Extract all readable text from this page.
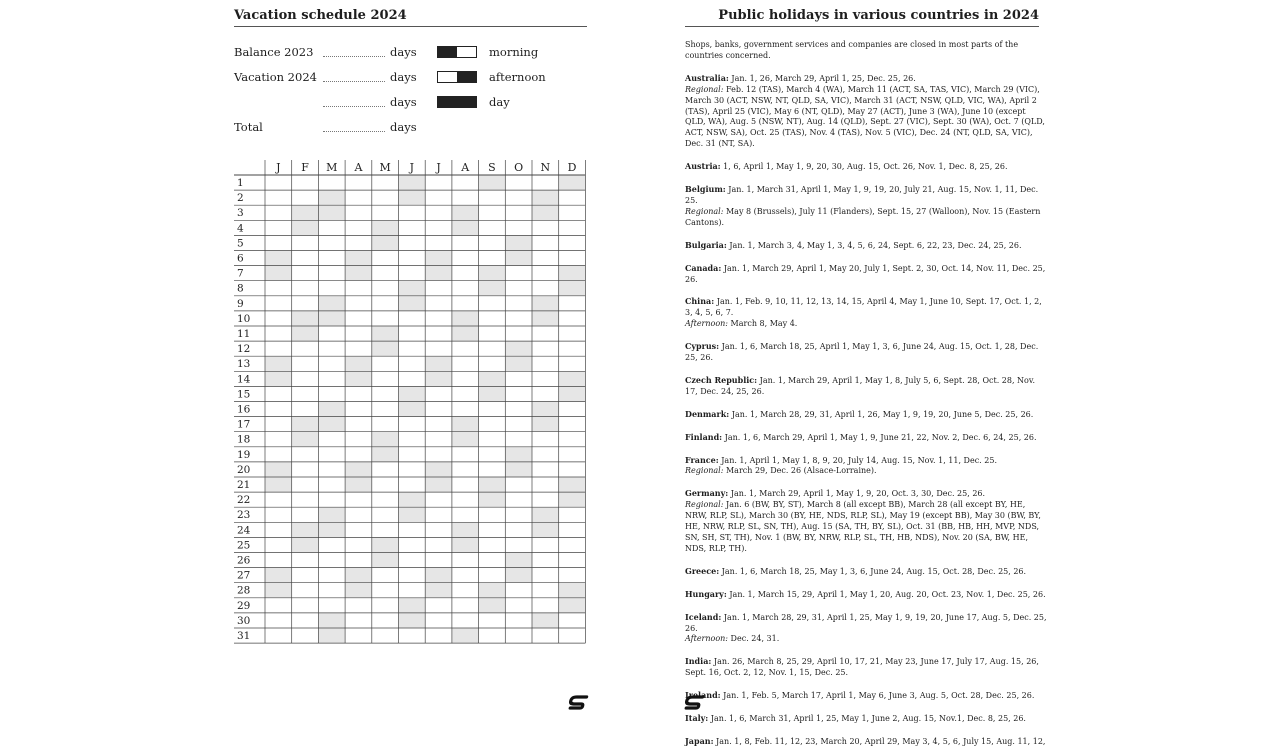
Vacation schedule 2024
Balance 2023	days
Vacation 2024	days
days
Total	days
morning
afternoon
day
J F M A M J J A S O N D
1
2
3
4
5
6
7
8
9
10
11
12
13
14
15
16
17
18
19
20
21
22
23
24
25
26
27
28
29
30
31
Public holidays in various countries in 2024

Shops, banks, government services and companies are closed in most parts of the countries concerned.

Australia: Jan. 1, 26, March 29, April 1, 25, Dec. 25, 26.
Regional: Feb. 12 (TAS), March 4 (WA), March 11 (ACT, SA, TAS, VIC), March 29 (VIC), March 30 (ACT, NSW, NT, QLD, SA, VIC), March 31 (ACT, NSW, QLD, VIC, WA), April 2 (TAS), April 25 (VIC), May 6 (NT, QLD), May 27 (ACT), June 3 (WA), June 10 (except QLD, WA), Aug. 5 (NSW, NT), Aug. 14 (QLD), Sept. 27 (VIC), Sept. 30 (WA), Oct. 7 (QLD, ACT, NSW, SA), Oct. 25 (TAS), Nov. 4 (TAS), Nov. 5 (VIC), Dec. 24 (NT, QLD, SA, VIC), Dec. 31 (NT, SA).

Austria: 1, 6, April 1, May 1, 9, 20, 30, Aug. 15, Oct. 26, Nov. 1, Dec. 8, 25, 26.

Belgium: Jan. 1, March 31, April 1, May 1, 9, 19, 20, July 21, Aug. 15, Nov. 1, 11, Dec. 25.
Regional: May 8 (Brussels), July 11 (Flanders), Sept. 15, 27 (Walloon), Nov. 15 (Eastern Cantons).

Bulgaria: Jan. 1, March 3, 4, May 1, 3, 4, 5, 6, 24, Sept. 6, 22, 23, Dec. 24, 25, 26.

Canada: Jan. 1, March 29, April 1, May 20, July 1, Sept. 2, 30, Oct. 14, Nov. 11, Dec. 25, 26.

China: Jan. 1, Feb. 9, 10, 11, 12, 13, 14, 15, April 4, May 1, June 10, Sept. 17, Oct. 1, 2, 3, 4, 5, 6, 7.
Afternoon: March 8, May 4.

Cyprus: Jan. 1, 6, March 18, 25, April 1, May 1, 3, 6, June 24, Aug. 15, Oct. 1, 28, Dec. 25, 26.

Czech Republic: Jan. 1, March 29, April 1, May 1, 8, July 5, 6, Sept. 28, Oct. 28, Nov. 17, Dec. 24, 25, 26.

Denmark: Jan. 1, March 28, 29, 31, April 1, 26, May 1, 9, 19, 20, June 5, Dec. 25, 26.

Finland: Jan. 1, 6, March 29, April 1, May 1, 9, June 21, 22, Nov. 2, Dec. 6, 24, 25, 26.

France: Jan. 1, April 1, May 1, 8, 9, 20, July 14, Aug. 15, Nov. 1, 11, Dec. 25.
Regional: March 29, Dec. 26 (Alsace-Lorraine).

Germany: Jan. 1, March 29, April 1, May 1, 9, 20, Oct. 3, 30, Dec. 25, 26.
Regional: Jan. 6 (BW, BY, ST), March 8 (all except BB), March 28 (all except BY, HE, NRW, RLP, SL), March 30 (BY, HE, NDS, RLP, SL), May 19 (except BB), May 30 (BW, BY, HE, NRW, RLP, SL, SN, TH), Aug. 15 (SA, TH, BY, SL), Oct. 31 (BB, HB, HH, MVP, NDS, SN, SH, ST, TH), Nov. 1 (BW, BY, NRW, RLP, SL, TH, HB, NDS), Nov. 20 (SA, BW, HE, NDS, RLP, TH).

Greece: Jan. 1, 6, March 18, 25, May 1, 3, 6, June 24, Aug. 15, Oct. 28, Dec. 25, 26.

Hungary: Jan. 1, March 15, 29, April 1, May 1, 20, Aug. 20, Oct. 23, Nov. 1, Dec. 25, 26.

Iceland: Jan. 1, March 28, 29, 31, April 1, 25, May 1, 9, 19, 20, June 17, Aug. 5, Dec. 25, 26.
Afternoon: Dec. 24, 31.

India: Jan. 26, March 8, 25, 29, April 10, 17, 21, May 23, June 17, July 17, Aug. 15, 26, Sept. 16, Oct. 2, 12, Nov. 1, 15, Dec. 25.

Ireland: Jan. 1, Feb. 5, March 17, April 1, May 6, June 3, Aug. 5, Oct. 28, Dec. 25, 26.

Italy: Jan. 1, 6, March 31, April 1, 25, May 1, June 2, Aug. 15, Nov.1, Dec. 8, 25, 26.

Japan: Jan. 1, 8, Feb. 11, 12, 23, March 20, April 29, May 3, 4, 5, 6, July 15, Aug. 11, 12,
